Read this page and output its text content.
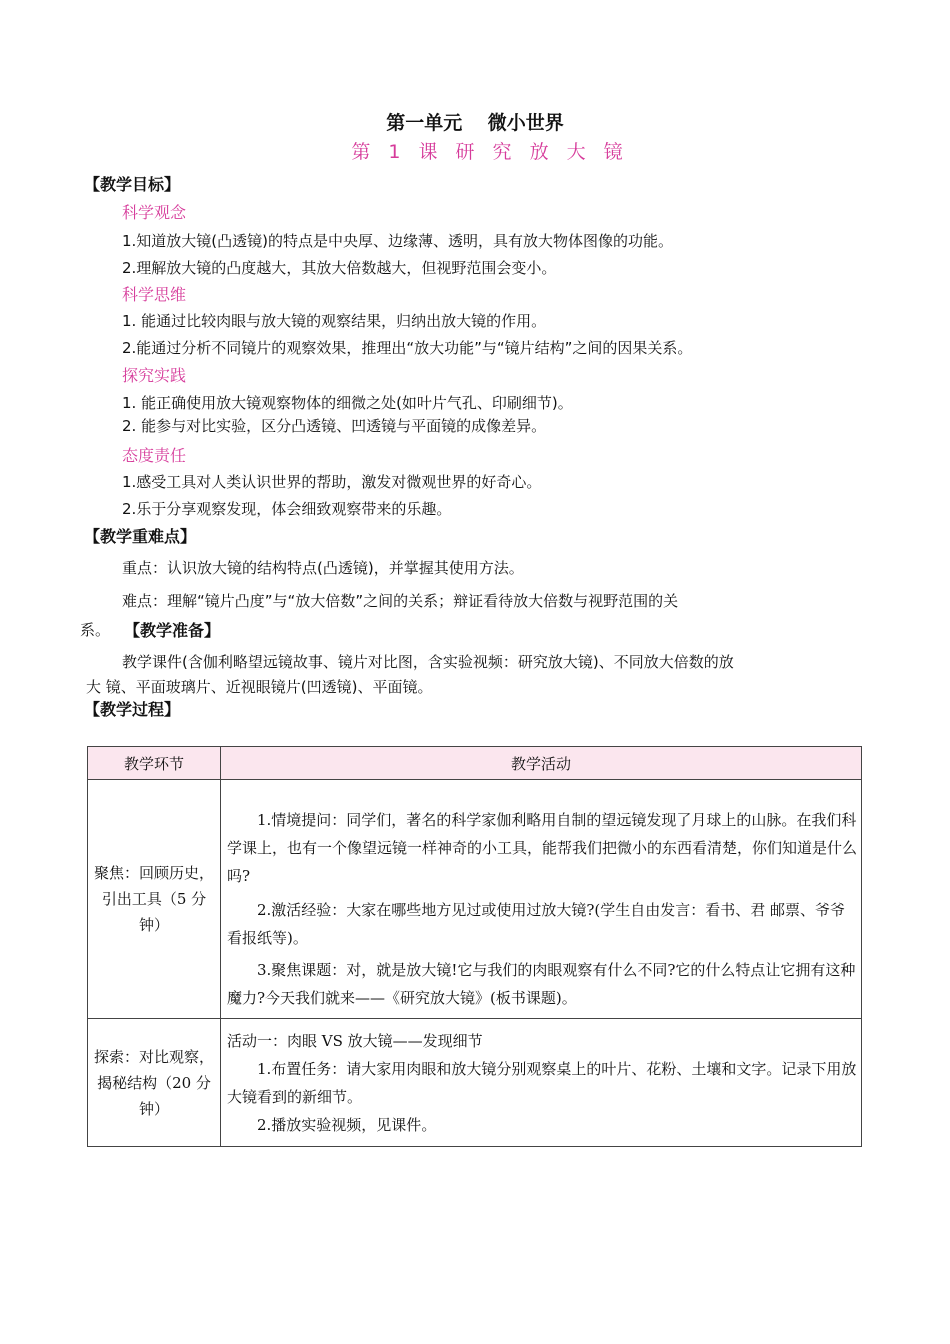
第一单元　 微小世界
第 1 课 研 究 放 大 镜
【教学目标】
科学观念
1.知道放大镜(凸透镜)的特点是中央厚、边缘薄、透明，具有放大物体图像的功能。
2.理解放大镜的凸度越大，其放大倍数越大，但视野范围会变小。
科学思维
1. 能通过比较肉眼与放大镜的观察结果，归纳出放大镜的作用。
2.能通过分析不同镜片的观察效果，推理出“放大功能”与“镜片结构”之间的因果关系。
探究实践
1. 能正确使用放大镜观察物体的细微之处(如叶片气孔、印刷细节)。
2. 能参与对比实验，区分凸透镜、凹透镜与平面镜的成像差异。
态度责任
1.感受工具对人类认识世界的帮助，激发对微观世界的好奇心。
2.乐于分享观察发现，体会细致观察带来的乐趣。
【教学重难点】
重点：认识放大镜的结构特点(凸透镜)，并掌握其使用方法。
难点：理解“镜片凸度”与“放大倍数”之间的关系；辩证看待放大倍数与视野范围的关
系。 【教学准备】
教学课件(含伽利略望远镜故事、镜片对比图，含实验视频：研究放大镜)、不同放大倍数的放
大 镜、平面玻璃片、近视眼镜片(凹透镜)、平面镜。
【教学过程】
教学环节	教学活动
聚焦：回顾历史，引出工具（5 分钟）	1.情境提问：同学们，著名的科学家伽利略用自制的望远镜发现了月球上的山脉。在我们科学课上，也有一个像望远镜一样神奇的小工具，能帮我们把微小的东西看清楚，你们知道是什么吗?

2.激活经验：大家在哪些地方见过或使用过放大镜?(学生自由发言：看书、君 邮票、爷爷看报纸等)。

3.聚焦课题：对，就是放大镜!它与我们的肉眼观察有什么不同?它的什么特点让它拥有这种魔力?今天我们就来——《研究放大镜》(板书课题)。

探索：对比观察，揭秘结构（20 分钟）	活动一：肉眼 VS 放大镜——发现细节

1.布置任务：请大家用肉眼和放大镜分别观察桌上的叶片、花粉、土壤和文字。记录下用放大镜看到的新细节。

2.播放实验视频，见课件。
